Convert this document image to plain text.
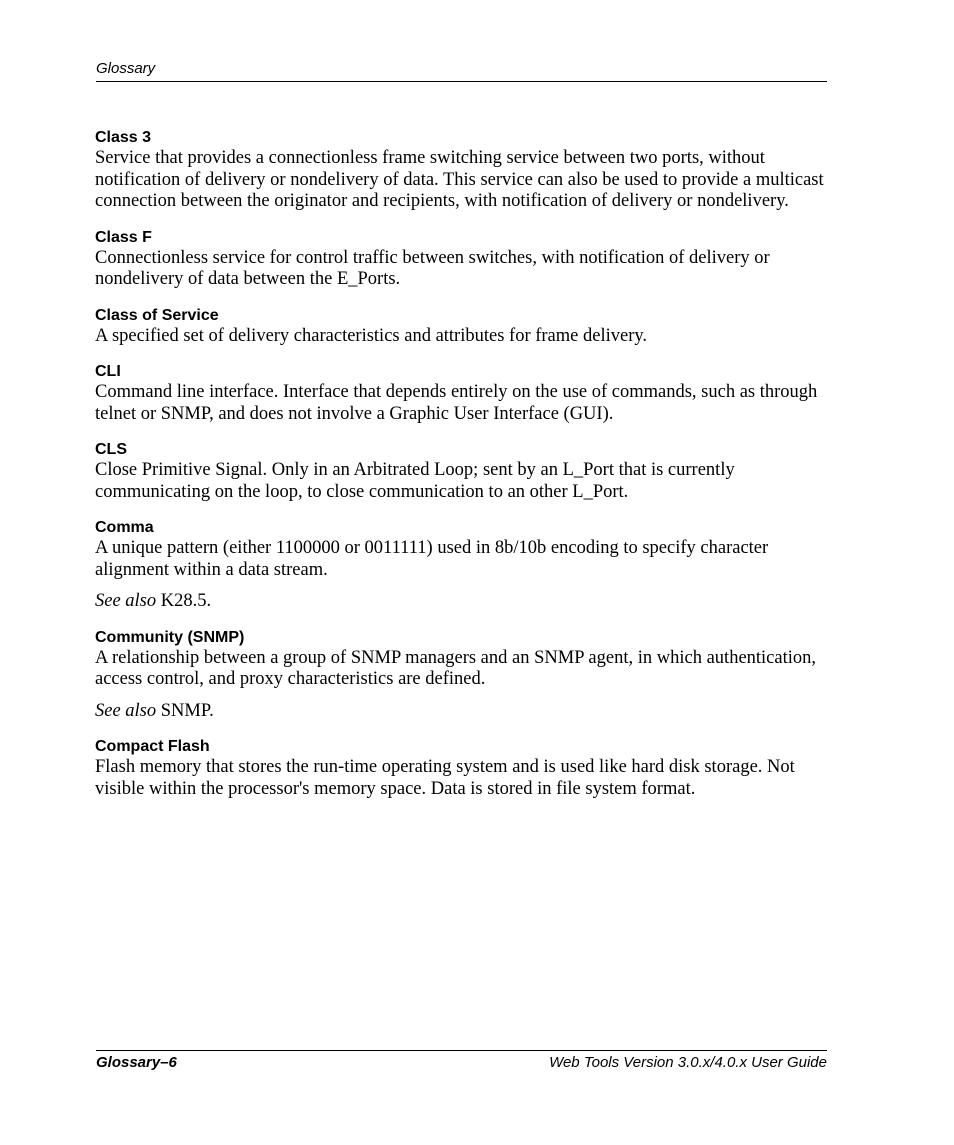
Glossary
Class 3

Service that provides a connectionless frame switching service between two ports, without notification of delivery or nondelivery of data. This service can also be used to provide a multicast connection between the originator and recipients, with notification of delivery or nondelivery.

Class F

Connectionless service for control traffic between switches, with notification of delivery or nondelivery of data between the E_Ports.

Class of Service

A specified set of delivery characteristics and attributes for frame delivery.

CLI

Command line interface. Interface that depends entirely on the use of commands, such as through telnet or SNMP, and does not involve a Graphic User Interface (GUI).

CLS

Close Primitive Signal. Only in an Arbitrated Loop; sent by an L_Port that is currently communicating on the loop, to close communication to an other L_Port.

Comma

A unique pattern (either 1100000 or 0011111) used in 8b/10b encoding to specify character alignment within a data stream.

See also K28.5.

Community (SNMP)

A relationship between a group of SNMP managers and an SNMP agent, in which authentication, access control, and proxy characteristics are defined.

See also SNMP.

Compact Flash

Flash memory that stores the run-time operating system and is used like hard disk storage. Not visible within the processor's memory space. Data is stored in file system format.

Glossary–6	Web Tools Version 3.0.x/4.0.x User Guide
